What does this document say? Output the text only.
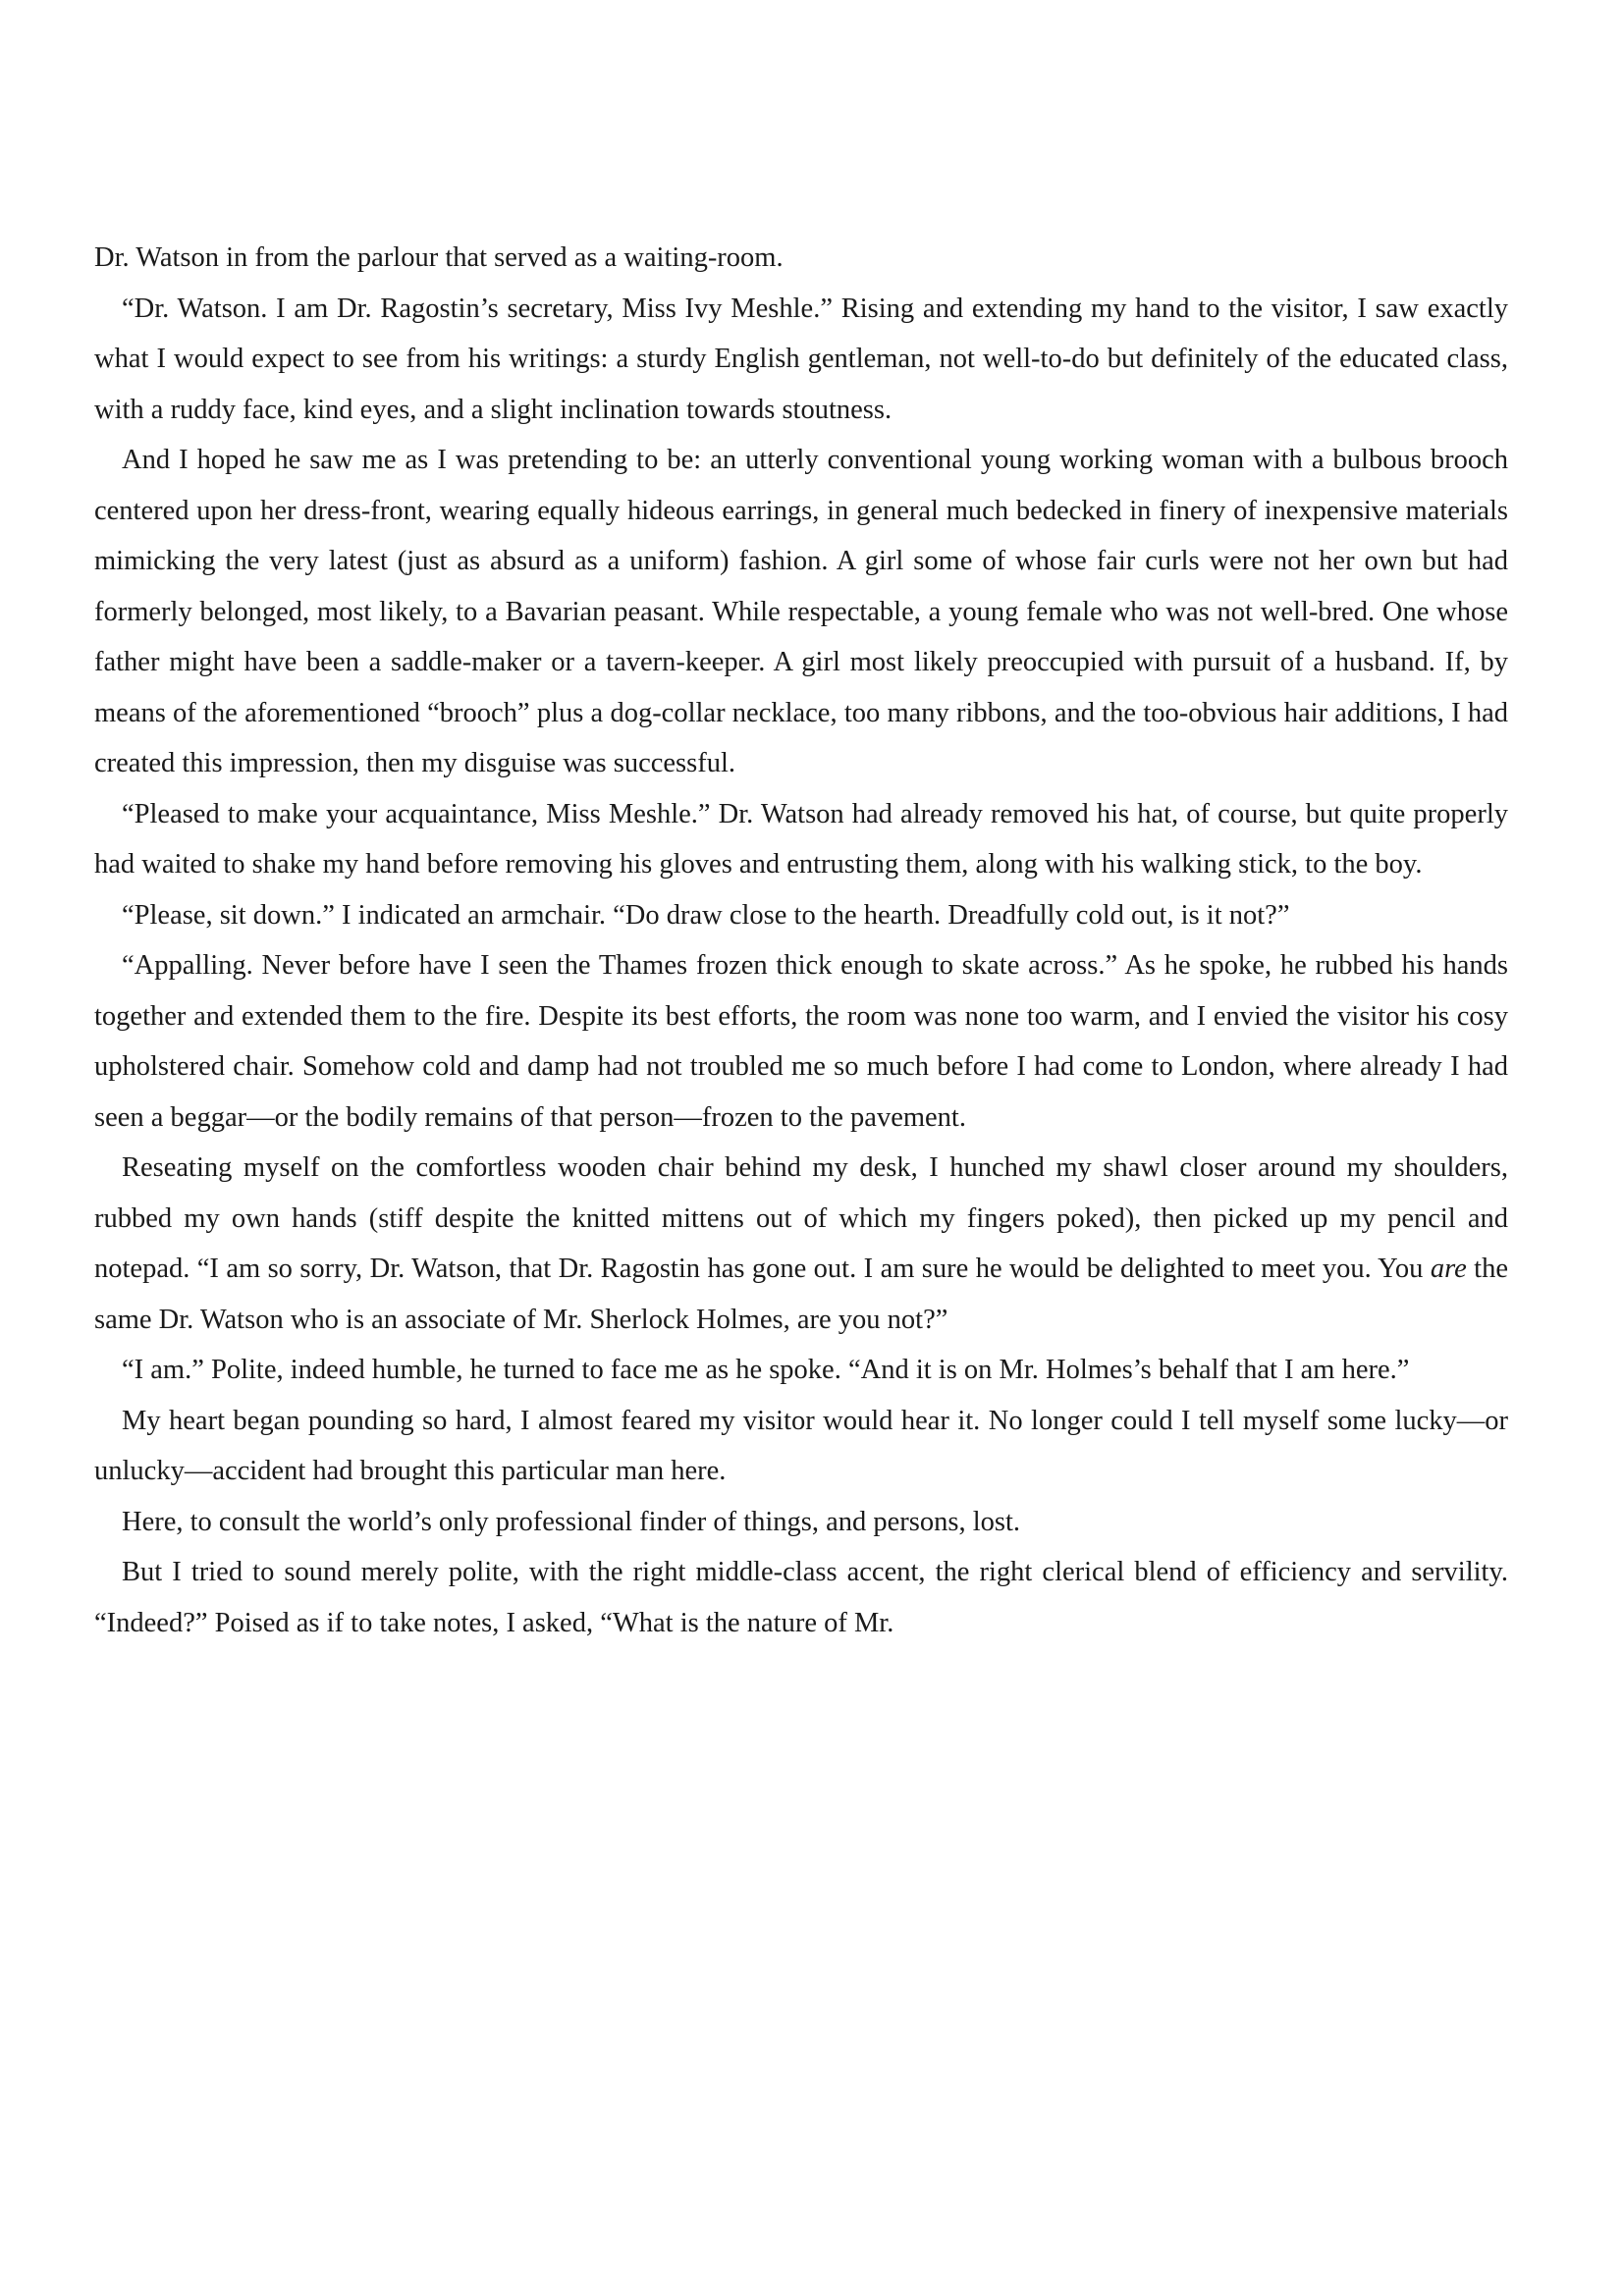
Dr. Watson in from the parlour that served as a waiting-room.

“Dr. Watson. I am Dr. Ragostin’s secretary, Miss Ivy Meshle.” Rising and extending my hand to the visitor, I saw exactly what I would expect to see from his writings: a sturdy English gentleman, not well-to-do but definitely of the educated class, with a ruddy face, kind eyes, and a slight inclination towards stoutness.

And I hoped he saw me as I was pretending to be: an utterly conventional young working woman with a bulbous brooch centered upon her dress-front, wearing equally hideous earrings, in general much bedecked in finery of inexpensive materials mimicking the very latest (just as absurd as a uniform) fashion. A girl some of whose fair curls were not her own but had formerly belonged, most likely, to a Bavarian peasant. While respectable, a young female who was not well-bred. One whose father might have been a saddle-maker or a tavern-keeper. A girl most likely preoccupied with pursuit of a husband. If, by means of the aforementioned “brooch” plus a dog-collar necklace, too many ribbons, and the too-obvious hair additions, I had created this impression, then my disguise was successful.

“Pleased to make your acquaintance, Miss Meshle.” Dr. Watson had already removed his hat, of course, but quite properly had waited to shake my hand before removing his gloves and entrusting them, along with his walking stick, to the boy.

“Please, sit down.” I indicated an armchair. “Do draw close to the hearth. Dreadfully cold out, is it not?”

“Appalling. Never before have I seen the Thames frozen thick enough to skate across.” As he spoke, he rubbed his hands together and extended them to the fire. Despite its best efforts, the room was none too warm, and I envied the visitor his cosy upholstered chair. Somehow cold and damp had not troubled me so much before I had come to London, where already I had seen a beggar—or the bodily remains of that person—frozen to the pavement.

Reseating myself on the comfortless wooden chair behind my desk, I hunched my shawl closer around my shoulders, rubbed my own hands (stiff despite the knitted mittens out of which my fingers poked), then picked up my pencil and notepad. “I am so sorry, Dr. Watson, that Dr. Ragostin has gone out. I am sure he would be delighted to meet you. You are the same Dr. Watson who is an associate of Mr. Sherlock Holmes, are you not?”

“I am.” Polite, indeed humble, he turned to face me as he spoke. “And it is on Mr. Holmes’s behalf that I am here.”

My heart began pounding so hard, I almost feared my visitor would hear it. No longer could I tell myself some lucky—or unlucky—accident had brought this particular man here.

Here, to consult the world’s only professional finder of things, and persons, lost.

But I tried to sound merely polite, with the right middle-class accent, the right clerical blend of efficiency and servility. “Indeed?” Poised as if to take notes, I asked, “What is the nature of Mr.
